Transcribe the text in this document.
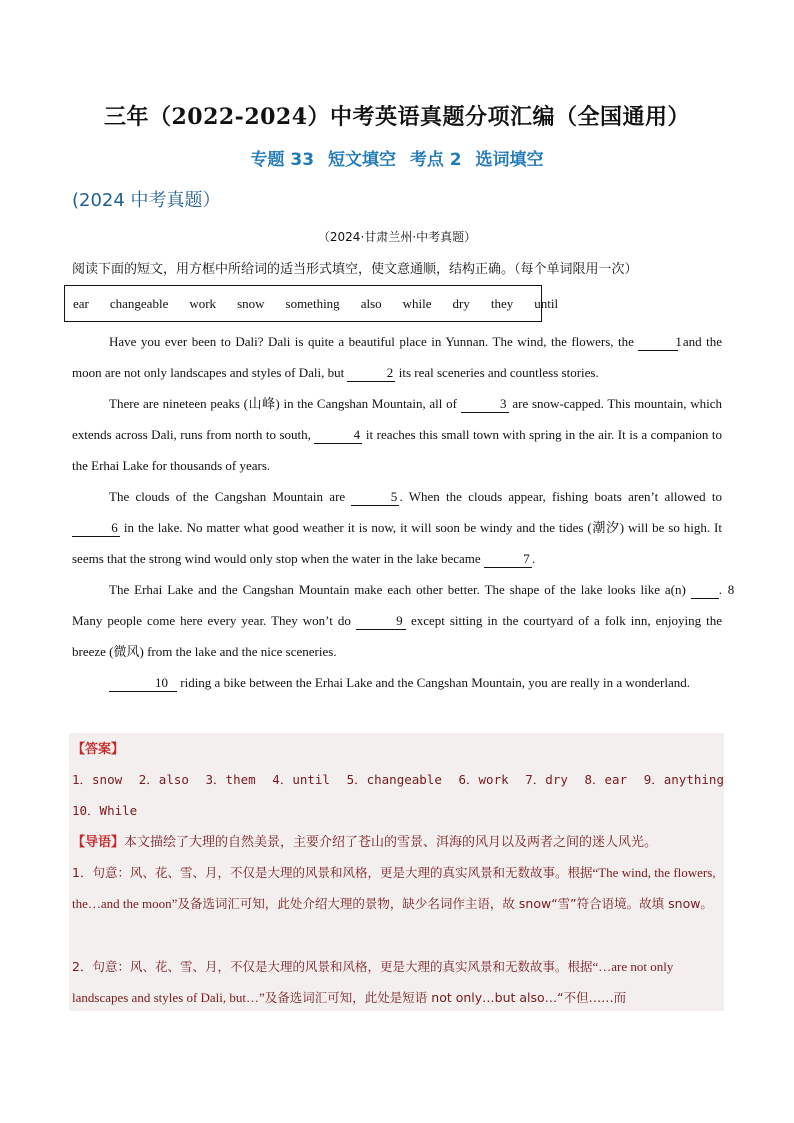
三年（2022-2024）中考英语真题分项汇编（全国通用）
专题 33 短文填空 考点 2 选词填空
(2024 中考真题）
（2024·甘肃兰州·中考真题）
阅读下面的短文，用方框中所给词的适当形式填空，使文意通顺，结构正确。（每个单词限用一次）
ear changeable work snow something also while dry they until

Have you ever been to Dali? Dali is quite a beautiful place in Yunnan. The wind, the flowers, the	1 and the moon are not only landscapes and styles of Dali, but	2 its real sceneries and countless stories.

There are nineteen peaks (山峰) in the Cangshan Mountain, all of	3 are snow-capped. This mountain, which extends across Dali, runs from north to south,	4 it reaches this small town with spring in the air. It is a companion to the Erhai Lake for thousands of years.

The clouds of the Cangshan Mountain are	5 . When the clouds appear, fishing boats aren’t allowed to 6 in the lake. No matter what good weather it is now, it will soon be windy and the tides (潮汐) will be so high. It seems that the strong wind would only stop when the water in the lake became	7 .

The Erhai Lake and the Cangshan Mountain make each other better. The shape of the lake looks like a(n)	8. Many people come here every year. They won’t do	9 except sitting in the courtyard of a folk inn, enjoying the breeze (微风) from the lake and the nice sceneries.

10 riding a bike between the Erhai Lake and the Cangshan Mountain, you are really in a wonderland.

【答案】
1．snow 2．also 3．them 4．until 5．changeable 6．work 7．dry 8．ear 9．anything
10．While
【导语】本文描绘了大理的自然美景，主要介绍了苍山的雪景、洱海的风月以及两者之间的迷人风光。
1．句意：风、花、雪、月，不仅是大理的风景和风格，更是大理的真实风景和无数故事。根据“The wind, the flowers, the…and the moon”及备选词汇可知，此处介绍大理的景物，缺少名词作主语，故 snow“雪”符合语境。故填 snow。
2．句意：风、花、雪、月，不仅是大理的风景和风格，更是大理的真实风景和无数故事。根据“…are not only landscapes and styles of Dali, but…”及备选词汇可知，此处是短语 not only…but also…“不但……而
